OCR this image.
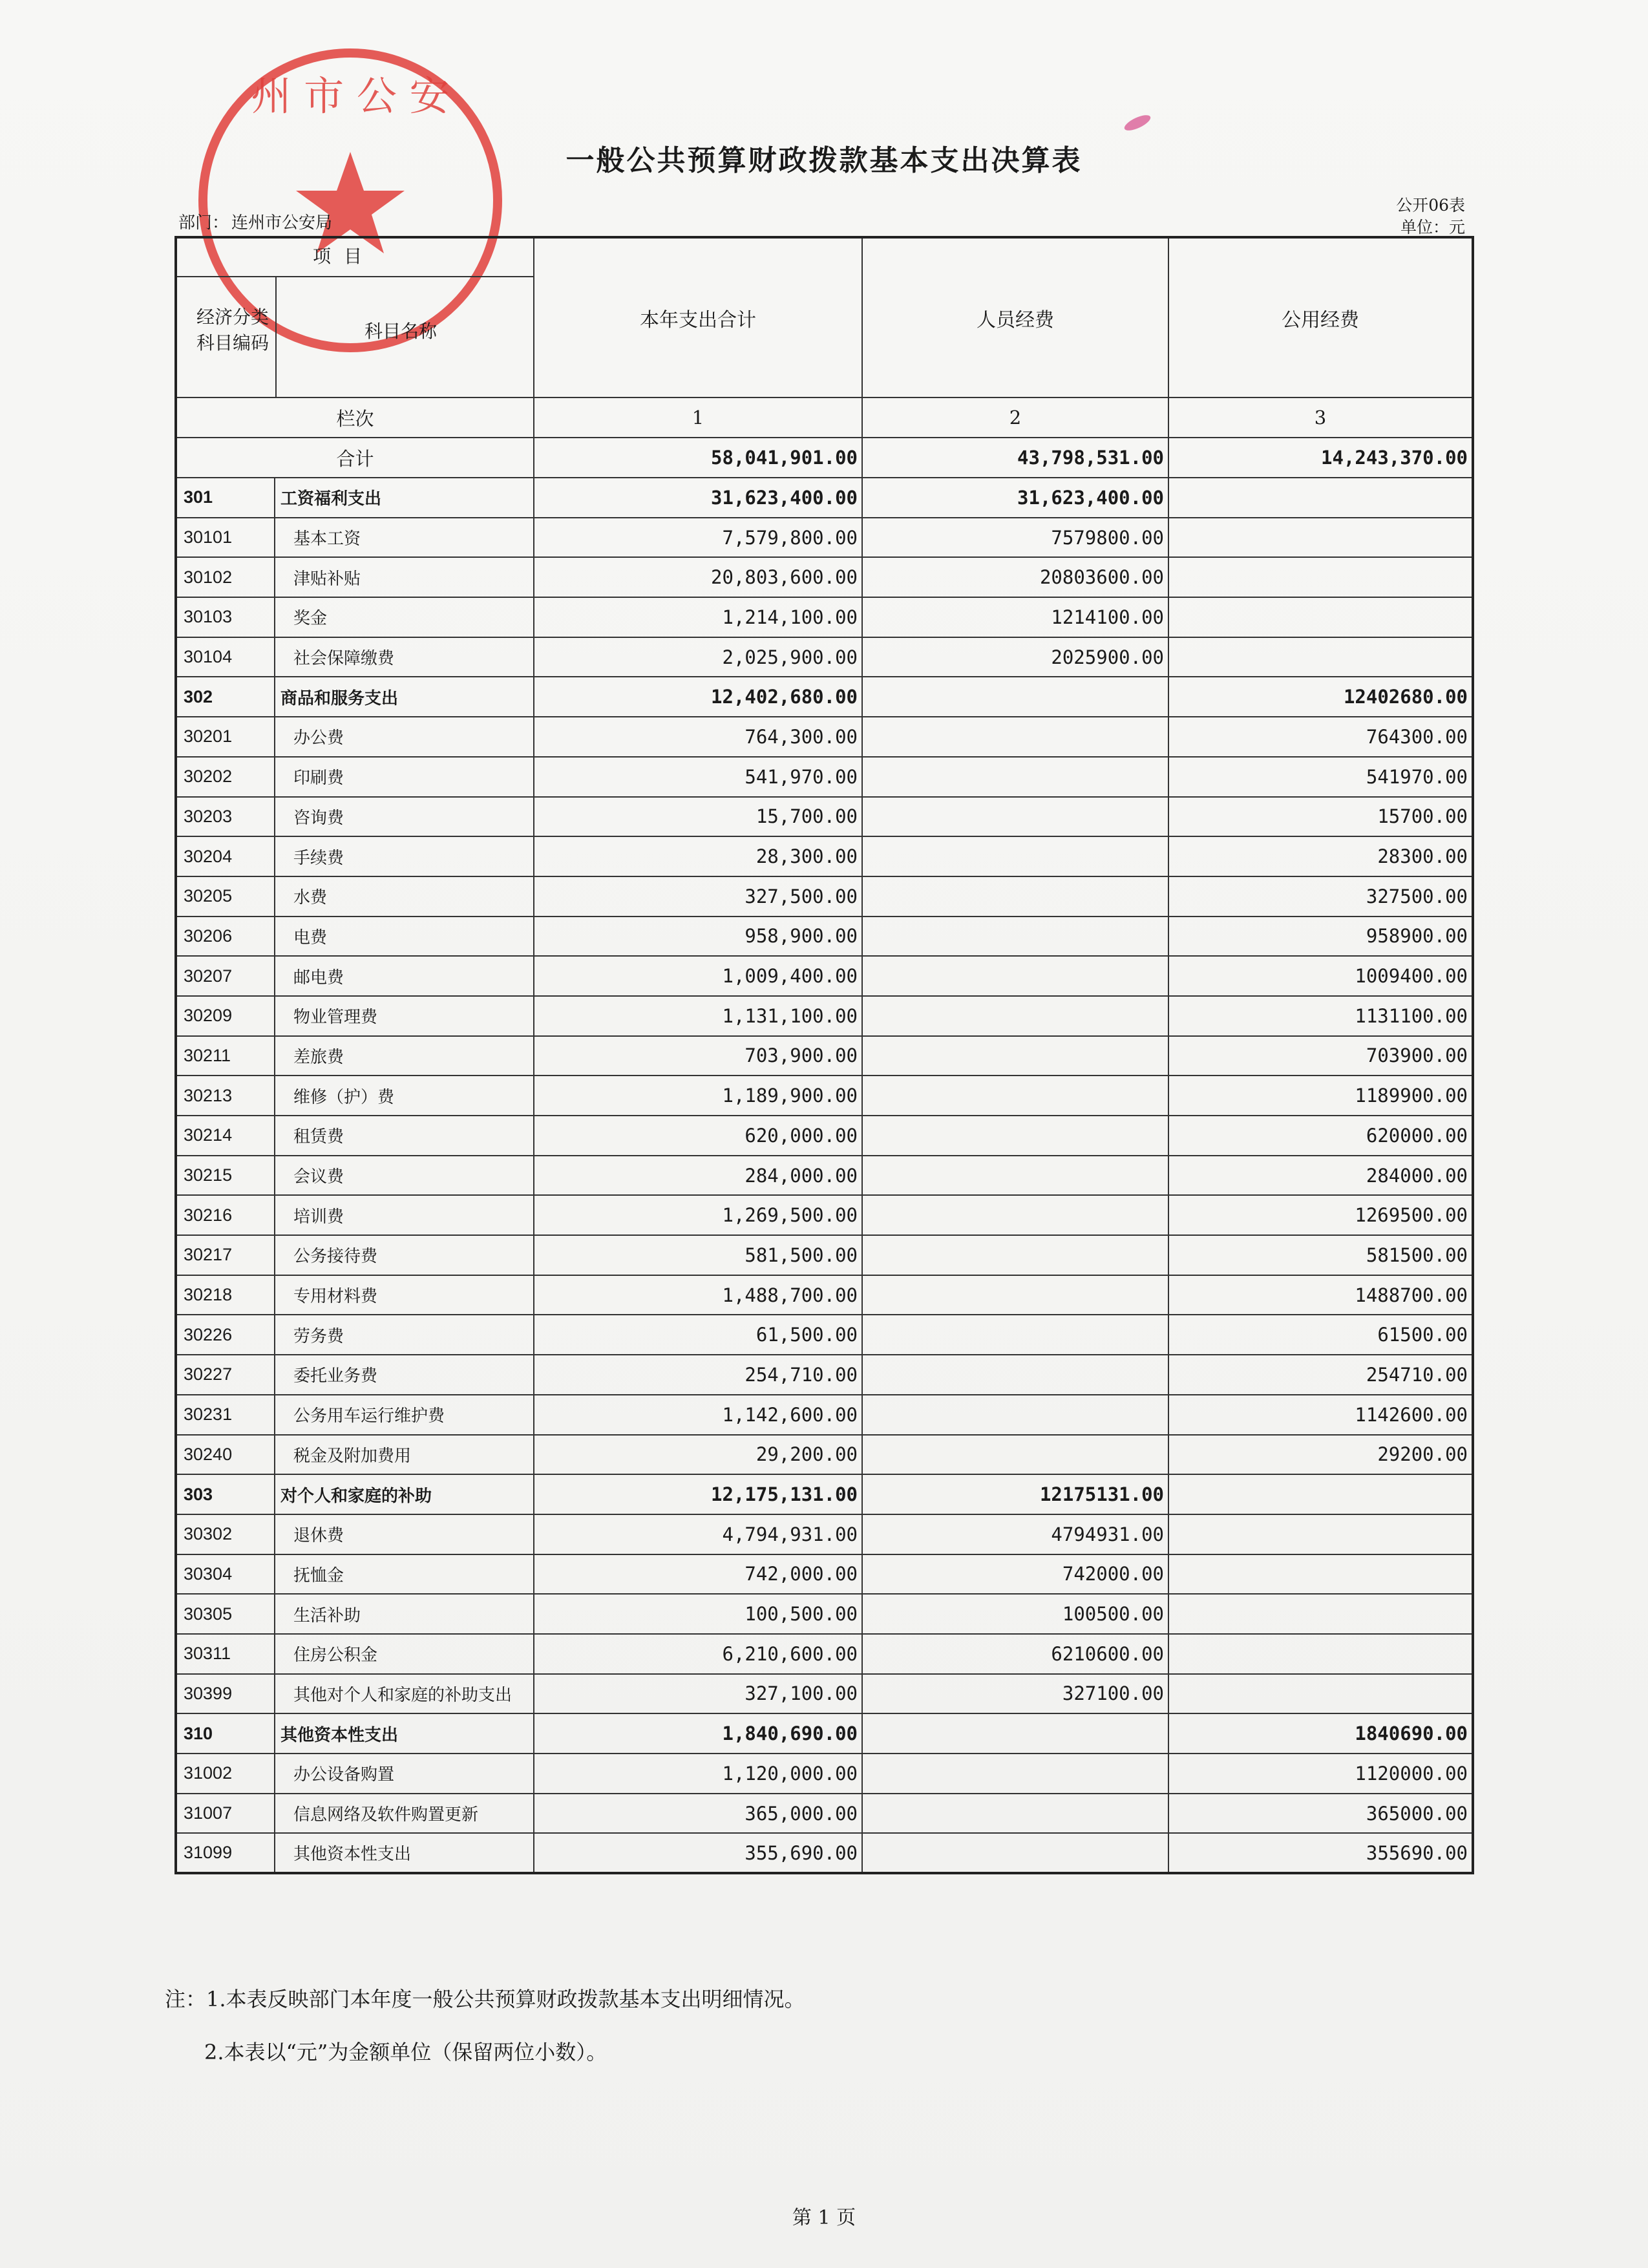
州 市 公 安
一般公共预算财政拨款基本支出决算表
公开06表
单位：元
部门： 连州市公安局
项目
经济分类
科目编码
科目名称		本年支出合计	人员经费	公用经费
栏次		1	2	3
合计		58,041,901.00	43,798,531.00	14,243,370.00
301	工资福利支出	31,623,400.00	31,623,400.00	
30101	基本工资	7,579,800.00	7579800.00	
30102	津贴补贴	20,803,600.00	20803600.00	
30103	奖金	1,214,100.00	1214100.00	
30104	社会保障缴费	2,025,900.00	2025900.00	
302	商品和服务支出	12,402,680.00		12402680.00
30201	办公费	764,300.00		764300.00
30202	印刷费	541,970.00		541970.00
30203	咨询费	15,700.00		15700.00
30204	手续费	28,300.00		28300.00
30205	水费	327,500.00		327500.00
30206	电费	958,900.00		958900.00
30207	邮电费	1,009,400.00		1009400.00
30209	物业管理费	1,131,100.00		1131100.00
30211	差旅费	703,900.00		703900.00
30213	维修（护）费	1,189,900.00		1189900.00
30214	租赁费	620,000.00		620000.00
30215	会议费	284,000.00		284000.00
30216	培训费	1,269,500.00		1269500.00
30217	公务接待费	581,500.00		581500.00
30218	专用材料费	1,488,700.00		1488700.00
30226	劳务费	61,500.00		61500.00
30227	委托业务费	254,710.00		254710.00
30231	公务用车运行维护费	1,142,600.00		1142600.00
30240	税金及附加费用	29,200.00		29200.00
303	对个人和家庭的补助	12,175,131.00	12175131.00	
30302	退休费	4,794,931.00	4794931.00	
30304	抚恤金	742,000.00	742000.00	
30305	生活补助	100,500.00	100500.00	
30311	住房公积金	6,210,600.00	6210600.00	
30399	其他对个人和家庭的补助支出	327,100.00	327100.00	
310	其他资本性支出	1,840,690.00		1840690.00
31002	办公设备购置	1,120,000.00		1120000.00
31007	信息网络及软件购置更新	365,000.00		365000.00
31099	其他资本性支出	355,690.00		355690.00
注：1.本表反映部门本年度一般公共预算财政拨款基本支出明细情况。
2.本表以“元”为金额单位（保留两位小数）。
第 1 页
